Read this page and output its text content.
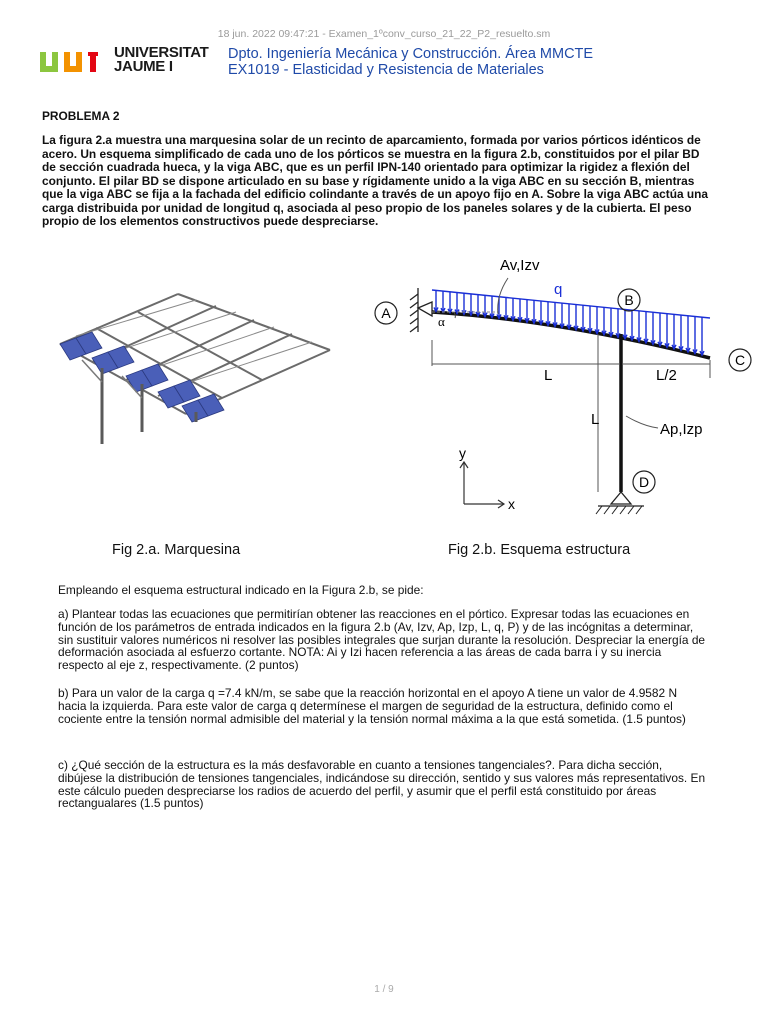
18 jun. 2022 09:47:21 - Examen_1ºconv_curso_21_22_P2_resuelto.sm
UNIVERSITAT
JAUME I
Dpto. Ingeniería Mecánica y Construcción. Área MMCTE
EX1019 - Elasticidad y Resistencia de Materiales
PROBLEMA 2
La figura 2.a muestra una marquesina solar de un recinto de aparcamiento, formada por varios pórticos idénticos de acero. Un esquema simplificado de cada uno de los pórticos se muestra en la figura 2.b, constituidos por el pilar BD de sección cuadrada hueca, y la viga ABC, que es un perfil IPN-140 orientado para optimizar la rigidez a flexión del conjunto. El pilar BD se dispone articulado en su base y rígidamente unido a la viga ABC en su sección B, mientras que la viga ABC se fija a la fachada del edificio colindante a través de un apoyo fijo en A. Sobre la viga ABC actúa una carga distribuida por unidad de longitud q, asociada al peso propio de los paneles solares y de la cubierta. El peso propio de los elementos constructivos puede despreciarse.
A
B
C
D
Av,Izv
q
α
L	L/2
L
Ap,Izp
y
x
Fig 2.a. Marquesina	Fig 2.b. Esquema estructura
Empleando el esquema estructural indicado en la Figura 2.b, se pide:
a) Plantear todas las ecuaciones que permitirían obtener las reacciones en el pórtico. Expresar todas las ecuaciones en función de los parámetros de entrada indicados en la figura 2.b (Av, Izv, Ap, Izp, L, q, P) y de las incógnitas a determinar, sin sustituir valores numéricos ni resolver las posibles integrales que surjan durante la resolución. Despreciar la energía de deformación asociada al esfuerzo cortante. NOTA: Ai y Izi hacen referencia a las áreas de cada barra i y su inercia respecto al eje z, respectivamente. (2 puntos)
b) Para un valor de la carga q =7.4 kN/m, se sabe que la reacción horizontal en el apoyo A tiene un valor de 4.9582 N hacia la izquierda. Para este valor de carga q determínese el margen de seguridad de la estructura, definido como el cociente entre la tensión normal admisible del material y la tensión normal máxima a la que está sometida. (1.5 puntos)
c) ¿Qué sección de la estructura es la más desfavorable en cuanto a tensiones tangenciales?. Para dicha sección, dibújese la distribución de tensiones tangenciales, indicándose su dirección, sentido y sus valores más representativos. En este cálculo pueden despreciarse los radios de acuerdo del perfil, y asumir que el perfil está constituido por áreas rectangualares (1.5 puntos)
1 / 9
